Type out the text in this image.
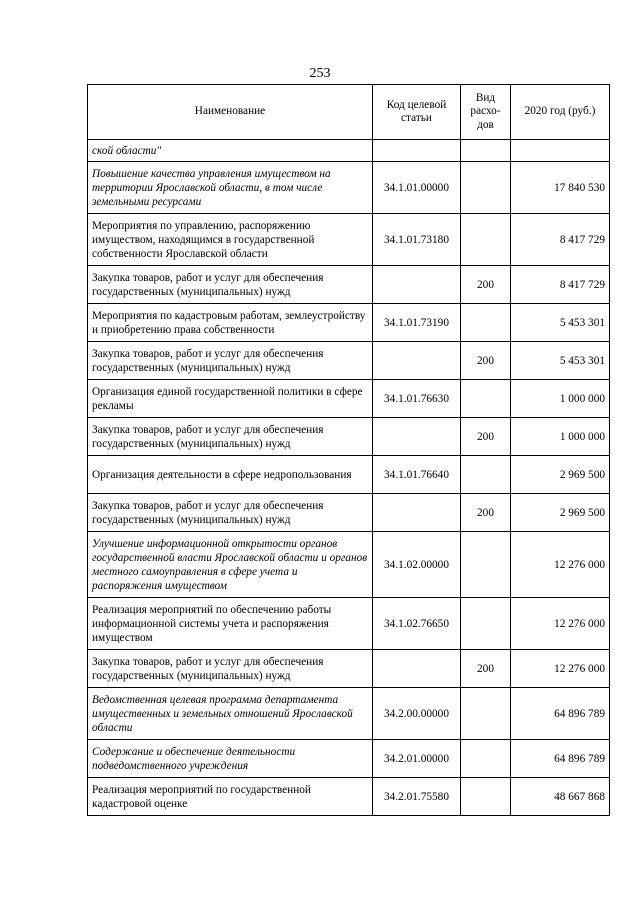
253
Наименование	Код целевой статьи	Вид расхо-дов	2020 год (руб.)
ской области"			
Повышение качества управления имуществом на территории Ярославской области, в том числе земельными ресурсами	34.1.01.00000		17 840 530
Мероприятия по управлению, распоряжению имуществом, находящимся в государственной собственности Ярославской области	34.1.01.73180		8 417 729
Закупка товаров, работ и услуг для обеспечения государственных (муниципальных) нужд		200	8 417 729
Мероприятия по кадастровым работам, землеустройству и приобретению права собственности	34.1.01.73190		5 453 301
Закупка товаров, работ и услуг для обеспечения государственных (муниципальных) нужд		200	5 453 301
Организация единой государственной политики в сфере рекламы	34.1.01.76630		1 000 000
Закупка товаров, работ и услуг для обеспечения государственных (муниципальных) нужд		200	1 000 000
Организация деятельности в сфере недропользования	34.1.01.76640		2 969 500
Закупка товаров, работ и услуг для обеспечения государственных (муниципальных) нужд		200	2 969 500
Улучшение информационной открытости органов государственной власти Ярославской области и органов местного самоуправления в сфере учета и распоряжения имуществом	34.1.02.00000		12 276 000
Реализация мероприятий по обеспечению работы информационной системы учета и распоряжения имуществом	34.1.02.76650		12 276 000
Закупка товаров, работ и услуг для обеспечения государственных (муниципальных) нужд		200	12 276 000
Ведомственная целевая программа департамента имущественных и земельных отношений Ярославской области	34.2.00.00000		64 896 789
Содержание и обеспечение деятельности подведомственного учреждения	34.2.01.00000		64 896 789
Реализация мероприятий по государственной кадастровой оценке	34.2.01.75580		48 667 868
